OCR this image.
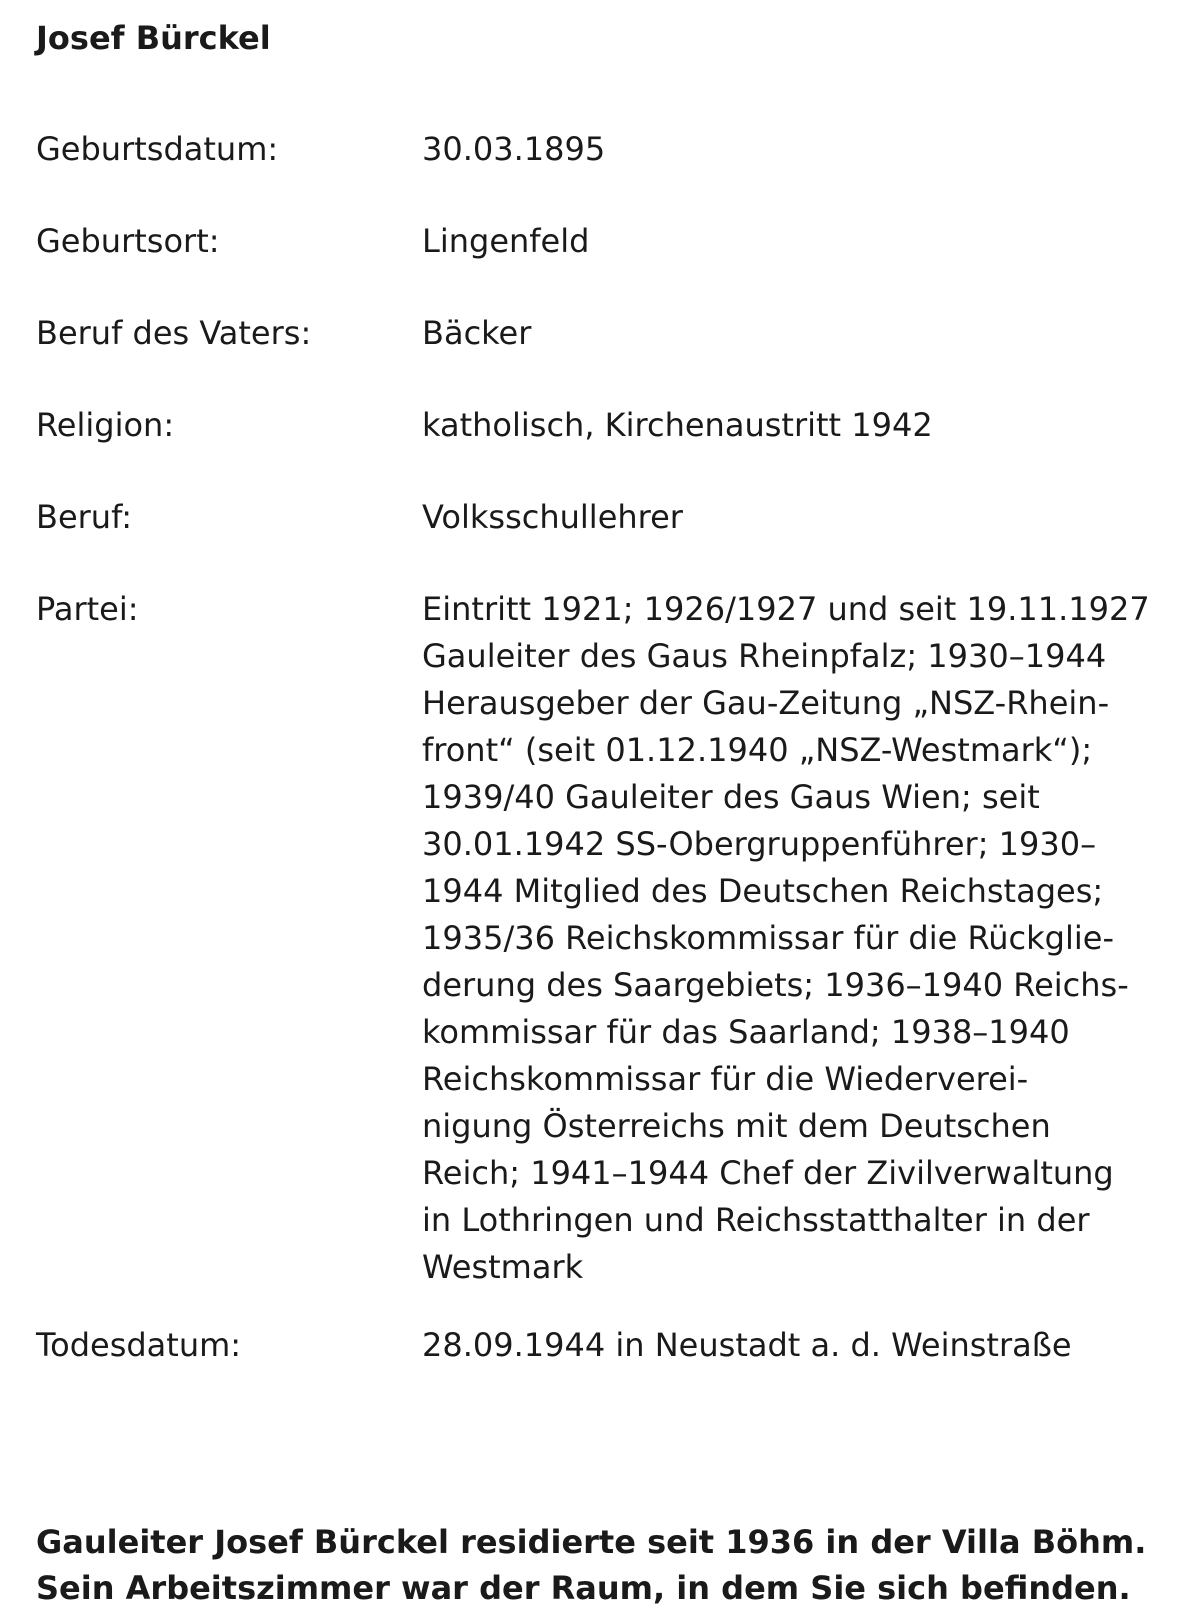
Josef Bürckel
Geburtsdatum:	30.03.1895
Geburtsort:	Lingenfeld
Beruf des Vaters:	Bäcker
Religion:	katholisch, Kirchenaustritt 1942
Beruf:	Volksschullehrer
Partei:	Eintritt 1921; 1926/1927 und seit 19.11.1927
Gauleiter des Gaus Rheinpfalz; 1930–1944
Herausgeber der Gau-Zeitung „NSZ-Rhein-
front“ (seit 01.12.1940 „NSZ-Westmark“);
1939/40 Gauleiter des Gaus Wien; seit
30.01.1942 SS-Obergruppenführer; 1930–
1944 Mitglied des Deutschen Reichstages;
1935/36 Reichskommissar für die Rückglie-
derung des Saargebiets; 1936–1940 Reichs-
kommissar für das Saarland; 1938–1940
Reichskommissar für die Wiederverei-
nigung Österreichs mit dem Deutschen
Reich; 1941–1944 Chef der Zivilverwaltung
in Lothringen und Reichsstatthalter in der
Westmark
Todesdatum:	28.09.1944 in Neustadt a. d. Weinstraße

Gauleiter Josef Bürckel residierte seit 1936 in der Villa Böhm.
Sein Arbeitszimmer war der Raum, in dem Sie sich befinden.
